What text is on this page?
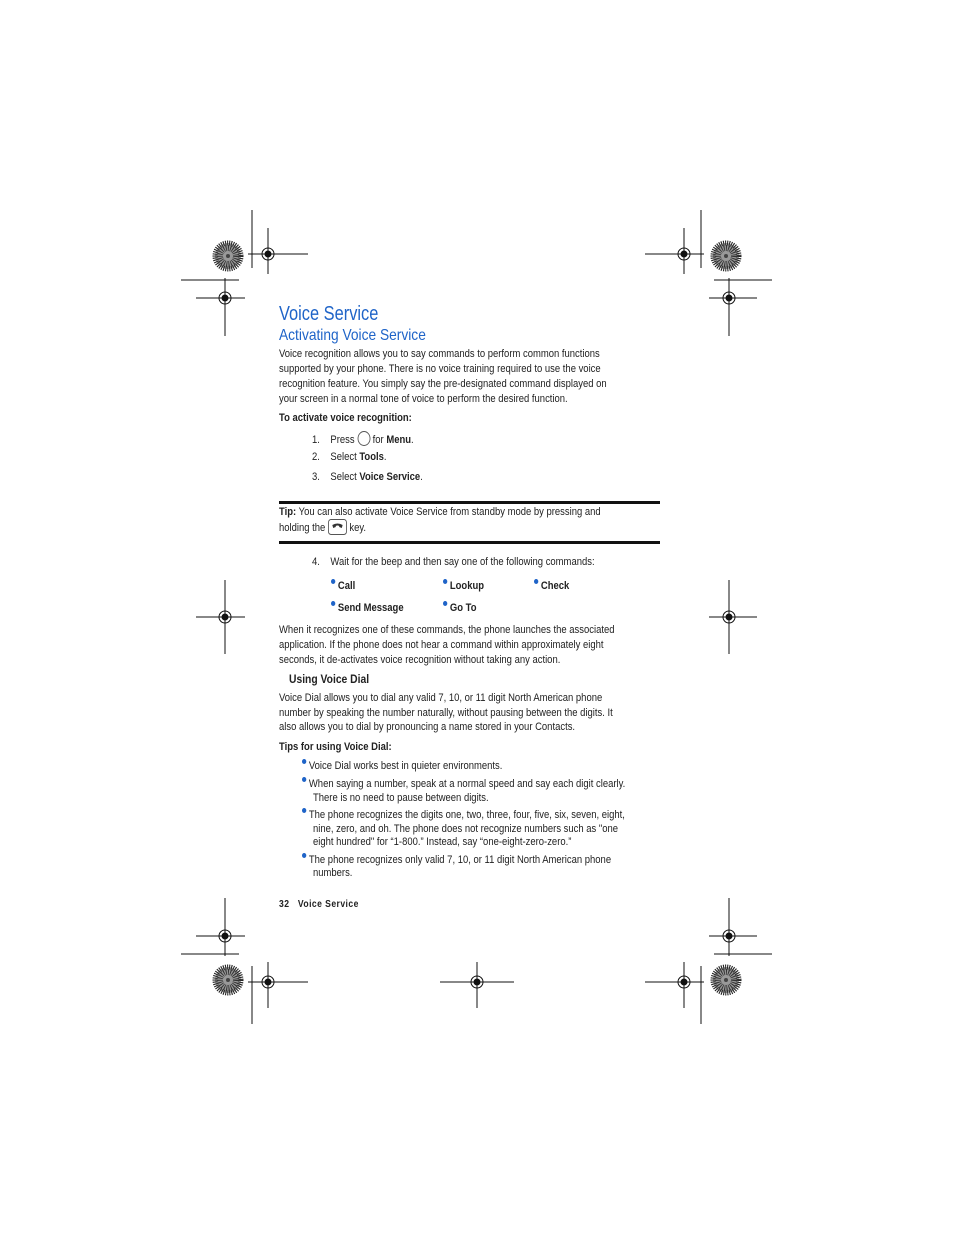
Voice Service
Activating Voice Service
Voice recognition allows you to say commands to perform common functions
supported by your phone. There is no voice training required to use the voice
recognition feature. You simply say the pre-designated command displayed on
your screen in a normal tone of voice to perform the desired function.
To activate voice recognition:
1. Press for Menu.
2. Select Tools.
3. Select Voice Service.
Tip: You can also activate Voice Service from standby mode by pressing and
holding the key.
4. Wait for the beep and then say one of the following commands:
Call	Lookup	Check
Send Message	Go To
When it recognizes one of these commands, the phone launches the associated
application. If the phone does not hear a command within approximately eight
seconds, it de-activates voice recognition without taking any action.
Using Voice Dial
Voice Dial allows you to dial any valid 7, 10, or 11 digit North American phone
number by speaking the number naturally, without pausing between the digits. It
also allows you to dial by pronouncing a name stored in your Contacts.
Tips for using Voice Dial:
Voice Dial works best in quieter environments.
When saying a number, speak at a normal speed and say each digit clearly.
There is no need to pause between digits.
The phone recognizes the digits one, two, three, four, five, six, seven, eight,
nine, zero, and oh. The phone does not recognize numbers such as "one
eight hundred" for “1-800.” Instead, say “one-eight-zero-zero.”
The phone recognizes only valid 7, 10, or 11 digit North American phone
numbers.
32 Voice Service
